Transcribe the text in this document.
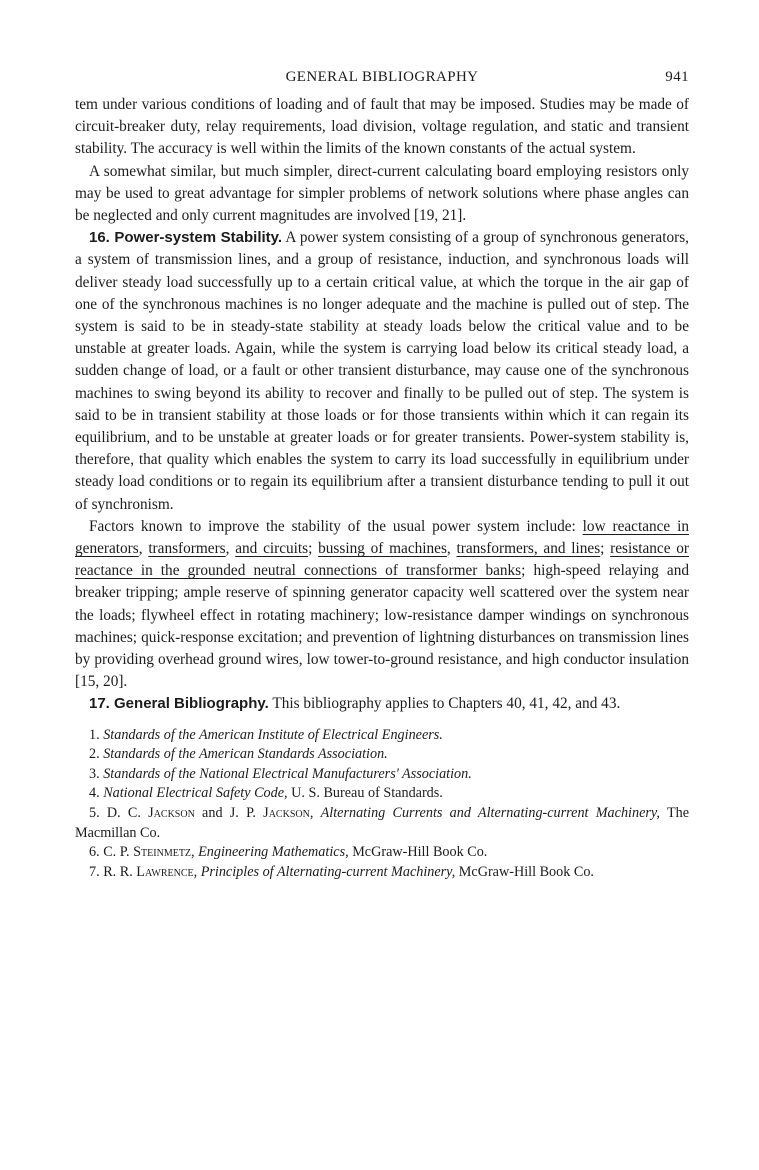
GENERAL BIBLIOGRAPHY	941

tem under various conditions of loading and of fault that may be imposed. Studies may be made of circuit-breaker duty, relay requirements, load division, voltage regulation, and static and transient stability. The accuracy is well within the limits of the known constants of the actual system.

A somewhat similar, but much simpler, direct-current calculating board employing resistors only may be used to great advantage for simpler problems of network solutions where phase angles can be neglected and only current magnitudes are involved [19, 21].

16. Power-system Stability. A power system consisting of a group of synchronous generators, a system of transmission lines, and a group of resistance, induction, and synchronous loads will deliver steady load successfully up to a certain critical value, at which the torque in the air gap of one of the synchronous machines is no longer adequate and the machine is pulled out of step. The system is said to be in steady-state stability at steady loads below the critical value and to be unstable at greater loads. Again, while the system is carrying load below its critical steady load, a sudden change of load, or a fault or other transient disturbance, may cause one of the synchronous machines to swing beyond its ability to recover and finally to be pulled out of step. The system is said to be in transient stability at those loads or for those transients within which it can regain its equilibrium, and to be unstable at greater loads or for greater transients. Power-system stability is, therefore, that quality which enables the system to carry its load successfully in equilibrium under steady load conditions or to regain its equilibrium after a transient disturbance tending to pull it out of synchronism.

Factors known to improve the stability of the usual power system include: low reactance in generators, transformers, and circuits; bussing of machines, transformers, and lines; resistance or reactance in the grounded neutral connections of transformer banks; high-speed relaying and breaker tripping; ample reserve of spinning generator capacity well scattered over the system near the loads; flywheel effect in rotating machinery; low-resistance damper windings on synchronous machines; quick-response excitation; and prevention of lightning disturbances on transmission lines by providing overhead ground wires, low tower-to-ground resistance, and high conductor insulation [15, 20].

17. General Bibliography. This bibliography applies to Chapters 40, 41, 42, and 43.

1. Standards of the American Institute of Electrical Engineers.
2. Standards of the American Standards Association.
3. Standards of the National Electrical Manufacturers' Association.
4. National Electrical Safety Code, U. S. Bureau of Standards.
5. D. C. Jackson and J. P. Jackson, Alternating Currents and Alternating-current Machinery, The Macmillan Co.
6. C. P. Steinmetz, Engineering Mathematics, McGraw-Hill Book Co.
7. R. R. Lawrence, Principles of Alternating-current Machinery, McGraw-Hill Book Co.
